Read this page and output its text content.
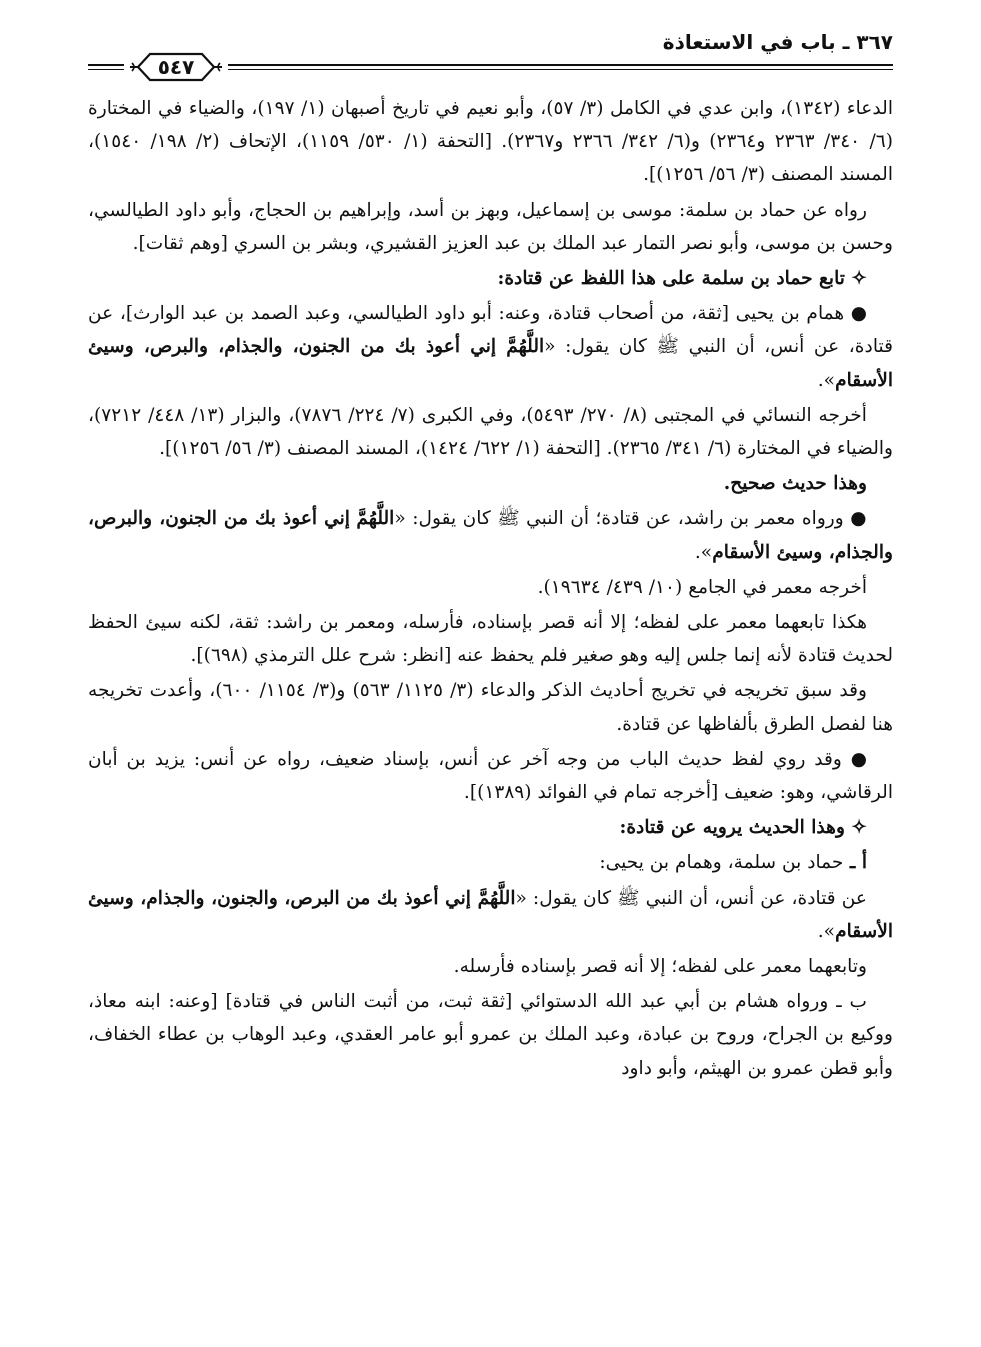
٣٦٧ ـ باب في الاستعاذة
٥٤٧

الدعاء (١٣٤٢)، وابن عدي في الكامل (٣/ ٥٧)، وأبو نعيم في تاريخ أصبهان (١/ ١٩٧)، والضياء في المختارة (٦/ ٣٤٠/ ٢٣٦٣ و٢٣٦٤) و(٦/ ٣٤٢/ ٢٣٦٦ و٢٣٦٧). [التحفة (١/ ٥٣٠/ ١١٥٩)، الإتحاف (٢/ ١٩٨/ ١٥٤٠)، المسند المصنف (٣/ ٥٦/ ١٢٥٦)].

رواه عن حماد بن سلمة: موسى بن إسماعيل، وبهز بن أسد، وإبراهيم بن الحجاج، وأبو داود الطيالسي، وحسن بن موسى، وأبو نصر التمار عبد الملك بن عبد العزيز القشيري، وبشر بن السري [وهم ثقات].

✧ تابع حماد بن سلمة على هذا اللفظ عن قتادة:

● همام بن يحيى [ثقة، من أصحاب قتادة، وعنه: أبو داود الطيالسي، وعبد الصمد بن عبد الوارث]، عن قتادة، عن أنس، أن النبي ﷺ كان يقول: «اللَّهُمَّ إني أعوذ بك من الجنون، والجذام، والبرص، وسيئ الأسقام».

أخرجه النسائي في المجتبى (٨/ ٢٧٠/ ٥٤٩٣)، وفي الكبرى (٧/ ٢٢٤/ ٧٨٧٦)، والبزار (١٣/ ٤٤٨/ ٧٢١٢)، والضياء في المختارة (٦/ ٣٤١/ ٢٣٦٥). [التحفة (١/ ٦٢٢/ ١٤٢٤)، المسند المصنف (٣/ ٥٦/ ١٢٥٦)].

وهذا حديث صحيح.

● ورواه معمر بن راشد، عن قتادة؛ أن النبي ﷺ كان يقول: «اللَّهُمَّ إني أعوذ بك من الجنون، والبرص، والجذام، وسيئ الأسقام».

أخرجه معمر في الجامع (١٠/ ٤٣٩/ ١٩٦٣٤).

هكذا تابعهما معمر على لفظه؛ إلا أنه قصر بإسناده، فأرسله، ومعمر بن راشد: ثقة، لكنه سيئ الحفظ لحديث قتادة لأنه إنما جلس إليه وهو صغير فلم يحفظ عنه [انظر: شرح علل الترمذي (٦٩٨)].

وقد سبق تخريجه في تخريج أحاديث الذكر والدعاء (٣/ ١١٢٥/ ٥٦٣) و(٣/ ١١٥٤/ ٦٠٠)، وأعدت تخريجه هنا لفصل الطرق بألفاظها عن قتادة.

● وقد روي لفظ حديث الباب من وجه آخر عن أنس، بإسناد ضعيف، رواه عن أنس: يزيد بن أبان الرقاشي، وهو: ضعيف [أخرجه تمام في الفوائد (١٣٨٩)].

✧ وهذا الحديث يرويه عن قتادة:

أ ـ حماد بن سلمة، وهمام بن يحيى:

عن قتادة، عن أنس، أن النبي ﷺ كان يقول: «اللَّهُمَّ إني أعوذ بك من البرص، والجنون، والجذام، وسيئ الأسقام».

وتابعهما معمر على لفظه؛ إلا أنه قصر بإسناده فأرسله.

ب ـ ورواه هشام بن أبي عبد الله الدستوائي [ثقة ثبت، من أثبت الناس في قتادة] [وعنه: ابنه معاذ، ووكيع بن الجراح، وروح بن عبادة، وعبد الملك بن عمرو أبو عامر العقدي، وعبد الوهاب بن عطاء الخفاف، وأبو قطن عمرو بن الهيثم، وأبو داود
